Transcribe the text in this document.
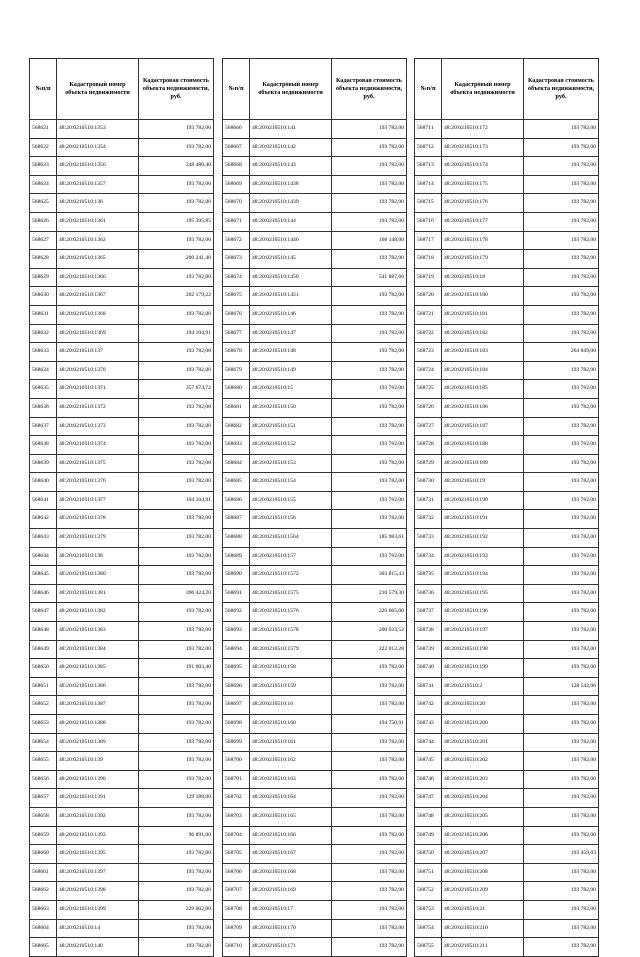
№п/п	Кадастровый номер объекта недвижимости	Кадастровая стоимость объекта недвижимости, руб.
568621	48:20:0210510:1353	193 782,00
568622	48:20:0210510:1354	193 782,00
568623	48:20:0210510:1356	248 480,40
568624	48:20:0210510:1357	193 782,00
568625	48:20:0210510:136	193 782,00
568626	48:20:0210510:1361	195 395,85
568627	48:20:0210510:1362	193 782,00
568628	48:20:0210510:1365	200 241,40
568629	48:20:0210510:1366	193 782,00
568630	48:20:0210510:1367	202 179,22
568631	48:20:0210510:1368	193 782,00
568632	48:20:0210510:1369	194 104,91
568633	48:20:0210510:137	193 782,00
568634	48:20:0210510:1370	193 782,00
568635	48:20:0210510:1371	357 674,72
568636	48:20:0210510:1372	193 782,00
568637	48:20:0210510:1373	193 782,00
568638	48:20:0210510:1374	193 782,00
568639	48:20:0210510:1375	193 782,00
568640	48:20:0210510:1376	193 782,00
568641	48:20:0210510:1377	194 104,91
568642	48:20:0210510:1378	193 782,00
568643	48:20:0210510:1379	193 782,00
568644	48:20:0210510:138	193 782,00
568645	48:20:0210510:1380	193 782,00
568646	48:20:0210510:1381	396 424,20
568647	48:20:0210510:1382	193 782,00
568648	48:20:0210510:1383	193 782,00
568649	48:20:0210510:1384	193 782,00
568650	48:20:0210510:1385	191 003,40
568651	48:20:0210510:1386	193 782,00
568652	48:20:0210510:1387	193 782,00
568653	48:20:0210510:1388	193 782,00
568654	48:20:0210510:1389	193 782,00
568655	48:20:0210510:139	193 782,00
568656	48:20:0210510:1390	193 782,00
568657	48:20:0210510:1391	129 188,00
568658	48:20:0210510:1392	193 782,00
568659	48:20:0210510:1393	96 891,00
568660	48:20:0210510:1395	193 782,00
568661	48:20:0210510:1397	193 782,00
568662	48:20:0210510:1398	193 782,00
568663	48:20:0210510:1399	229 002,00
568664	48:20:0210510:14	193 782,00
568665	48:20:0210510:140	193 782,00
№п/п	Кадастровый номер объекта недвижимости	Кадастровая стоимость объекта недвижимости, руб.
568666	48:20:0210510:141	193 782,00
568667	48:20:0210510:142	193 782,00
568668	48:20:0210510:143	193 782,00
568669	48:20:0210510:1438	193 782,00
568670	48:20:0210510:1439	193 782,00
568671	48:20:0210510:144	193 782,00
568672	48:20:0210510:1446	168 148,00
568673	48:20:0210510:145	193 782,00
568674	48:20:0210510:1450	541 887,66
568675	48:20:0210510:1451	193 782,00
568676	48:20:0210510:146	193 782,00
568677	48:20:0210510:147	193 782,00
568678	48:20:0210510:148	193 782,00
568679	48:20:0210510:149	193 782,00
568680	48:20:0210510:15	193 782,00
568681	48:20:0210510:150	193 782,00
568682	48:20:0210510:151	193 782,00
568683	48:20:0210510:152	193 782,00
568684	48:20:0210510:153	193 782,00
568685	48:20:0210510:154	193 782,00
568686	48:20:0210510:155	193 782,00
568687	48:20:0210510:156	193 782,00
568688	48:20:0210510:1564	185 983,61
568689	48:20:0210510:157	193 782,00
568690	48:20:0210510:1572	303 815,43
568691	48:20:0210510:1575	210 579,30
568692	48:20:0210510:1576	226 665,00
568693	48:20:0210510:1578	200 923,52
568694	48:20:0210510:1579	222 012,28
568695	48:20:0210510:158	193 782,00
568696	48:20:0210510:159	193 782,00
568697	48:20:0210510:16	193 782,00
568698	48:20:0210510:160	194 750,91
568699	48:20:0210510:161	193 782,00
568700	48:20:0210510:162	193 782,00
568701	48:20:0210510:163	193 782,00
568702	48:20:0210510:164	193 782,00
568703	48:20:0210510:165	193 782,00
568704	48:20:0210510:166	193 782,00
568705	48:20:0210510:167	193 782,00
568706	48:20:0210510:168	193 782,00
568707	48:20:0210510:169	193 782,00
568708	48:20:0210510:17	193 782,00
568709	48:20:0210510:170	193 782,00
568710	48:20:0210510:171	193 782,00
№п/п	Кадастровый номер объекта недвижимости	Кадастровая стоимость объекта недвижимости, руб.
568711	48:20:0210510:172	193 782,00
568712	48:20:0210510:173	193 782,00
568713	48:20:0210510:174	193 782,00
568714	48:20:0210510:175	193 782,00
568715	48:20:0210510:176	193 782,00
568716	48:20:0210510:177	193 782,00
568717	48:20:0210510:178	193 782,00
568718	48:20:0210510:179	193 782,00
568719	48:20:0210510:18	193 782,00
568720	48:20:0210510:180	193 782,00
568721	48:20:0210510:181	193 782,00
568722	48:20:0210510:182	193 782,00
568723	48:20:0210510:183	264 849,00
568724	48:20:0210510:184	193 782,00
568725	48:20:0210510:185	193 782,00
568726	48:20:0210510:186	193 782,00
568727	48:20:0210510:187	193 782,00
568728	48:20:0210510:188	193 782,00
568729	48:20:0210510:189	193 782,00
568730	48:20:0210510:19	193 782,00
568731	48:20:0210510:190	193 782,00
568732	48:20:0210510:191	193 782,00
568733	48:20:0210510:192	193 782,00
568734	48:20:0210510:193	193 782,00
568735	48:20:0210510:194	193 782,00
568736	48:20:0210510:195	193 782,00
568737	48:20:0210510:196	193 782,00
568738	48:20:0210510:197	193 782,00
568739	48:20:0210510:198	193 782,00
568740	48:20:0210510:199	193 782,00
568741	48:20:0210510:2	128 542,06
568742	48:20:0210510:20	193 782,00
568743	48:20:0210510:200	193 782,00
568744	48:20:0210510:201	193 782,00
568745	48:20:0210510:202	193 782,00
568746	48:20:0210510:203	193 782,00
568747	48:20:0210510:204	193 782,00
568748	48:20:0210510:205	193 782,00
568749	48:20:0210510:206	193 782,00
568750	48:20:0210510:207	193 459,03
568751	48:20:0210510:208	193 782,00
568752	48:20:0210510:209	193 782,00
568753	48:20:0210510:21	193 782,00
568754	48:20:0210510:210	193 782,00
568755	48:20:0210510:211	193 782,00
